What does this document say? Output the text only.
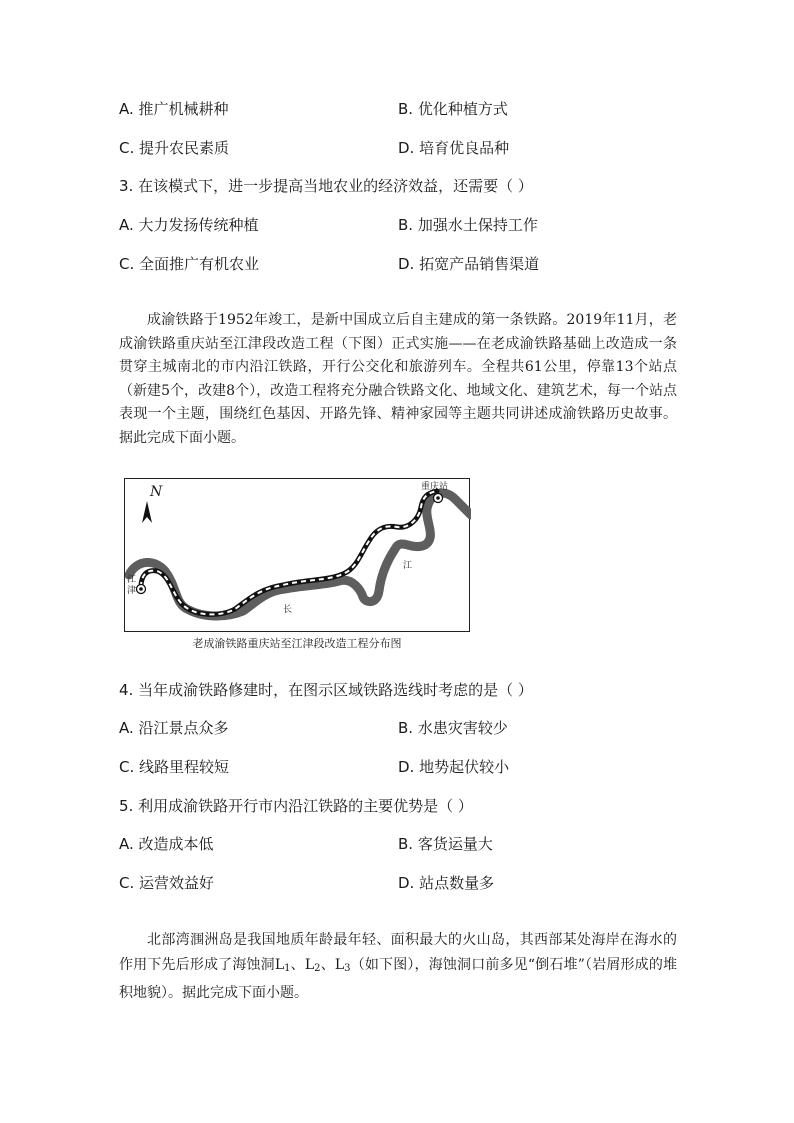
A. 推广机械耕种	B. 优化种植方式
C. 提升农民素质	D. 培育优良品种
3. 在该模式下，进一步提高当地农业的经济效益，还需要（ ）
A. 大力发扬传统种植	B. 加强水土保持工作
C. 全面推广有机农业	D. 拓宽产品销售渠道
成渝铁路于1952年竣工，是新中国成立后自主建成的第一条铁路。2019年11月，老成渝铁路重庆站至江津段改造工程（下图）正式实施——在老成渝铁路基础上改造成一条贯穿主城南北的市内沿江铁路，开行公交化和旅游列车。全程共61公里，停靠13个站点（新建5个，改建8个），改造工程将充分融合铁路文化、地域文化、建筑艺术，每一个站点表现一个主题，围绕红色基因、开路先锋、精神家园等主题共同讲述成渝铁路历史故事。据此完成下面小题。
N	重庆站
江津
江
长
老成渝铁路重庆站至江津段改造工程分布图
4. 当年成渝铁路修建时，在图示区域铁路选线时考虑的是（ ）
A. 沿江景点众多	B. 水患灾害较少
C. 线路里程较短	D. 地势起伏较小
5. 利用成渝铁路开行市内沿江铁路的主要优势是（ ）
A. 改造成本低	B. 客货运量大
C. 运营效益好	D. 站点数量多
北部湾涠洲岛是我国地质年龄最年轻、面积最大的火山岛，其西部某处海岸在海水的作用下先后形成了海蚀洞$L_1$、$L_2$、$L_3$（如下图），海蚀洞口前多见“倒石堆”（岩屑形成的堆积地貌）。据此完成下面小题。
